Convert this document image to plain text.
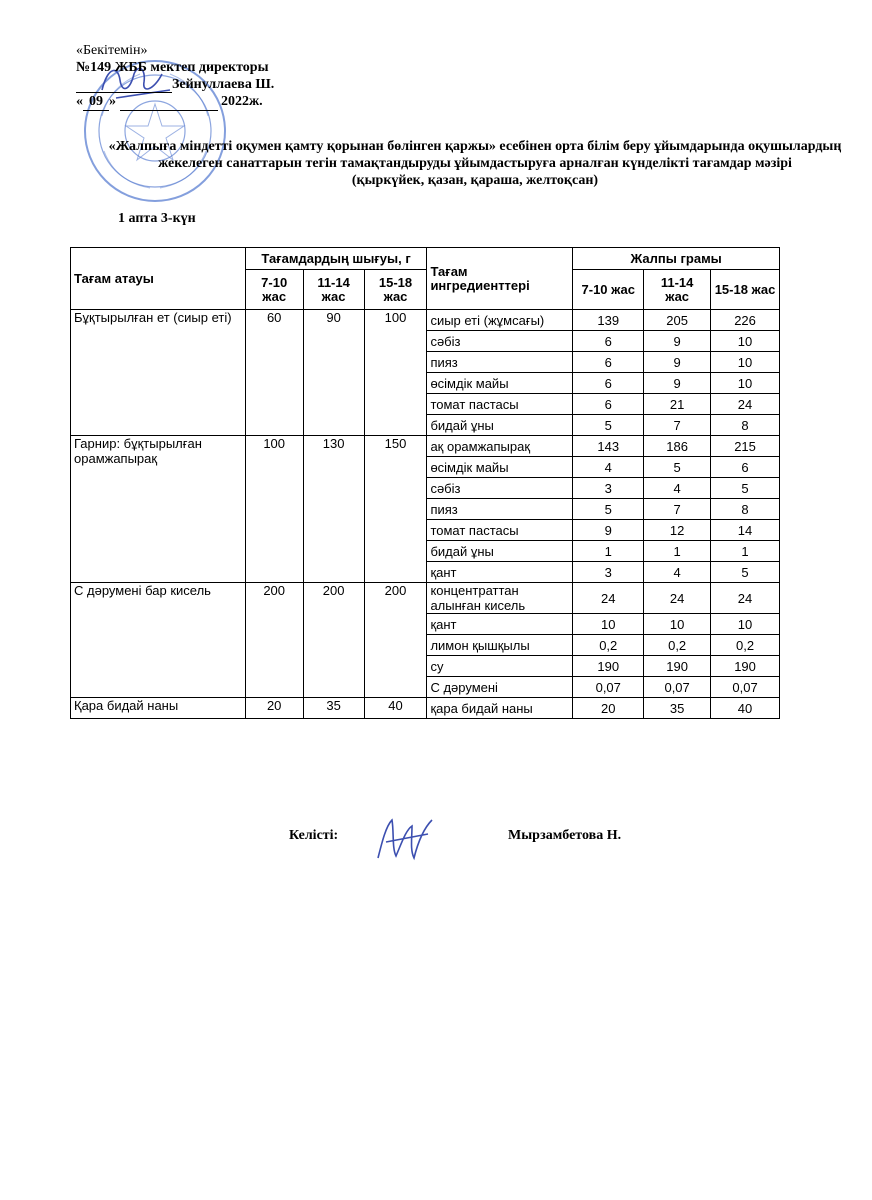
«Бекітемін»
№149 ЖББ мектеп директоры
Зейнуллаева Ш.
« 09 »	2022ж.
«Жалпыға міндетті оқумен қамту қорынан бөлінген қаржы» есебінен орта білім беру ұйымдарында оқушылардың жекелеген санаттарын тегін тамақтандыруды ұйымдастыруға арналған күнделікті тағамдар мәзірі
(қыркүйек, қазан, қараша, желтоқсан)
1 апта 3-күн
Тағам атауы	Тағамдардың шығуы, г			Тағам ингредиенттері	Жалпы грамы		
	7-10 жас	11-14 жас	15-18 жас		7-10 жас	11-14 жас	15-18 жас
Бұқтырылған ет (сиыр еті)	60	90	100	сиыр еті (жұмсағы)	139	205	226
				сәбіз	6	9	10
				пияз	6	9	10
				өсімдік майы	6	9	10
				томат пастасы	6	21	24
				бидай ұны	5	7	8
Гарнир: бұқтырылған орамжапырақ	100	130	150	ақ орамжапырақ	143	186	215
				өсімдік майы	4	5	6
				сәбіз	3	4	5
				пияз	5	7	8
				томат пастасы	9	12	14
				бидай ұны	1	1	1
				қант	3	4	5
С дәрумені бар кисель	200	200	200	концентраттан алынған кисель	24	24	24
				қант	10	10	10
				лимон қышқылы	0,2	0,2	0,2
				су	190	190	190
				С дәрумені	0,07	0,07	0,07
Қара бидай наны	20	35	40	қара бидай наны	20	35	40
Келісті:	Мырзамбетова Н.
